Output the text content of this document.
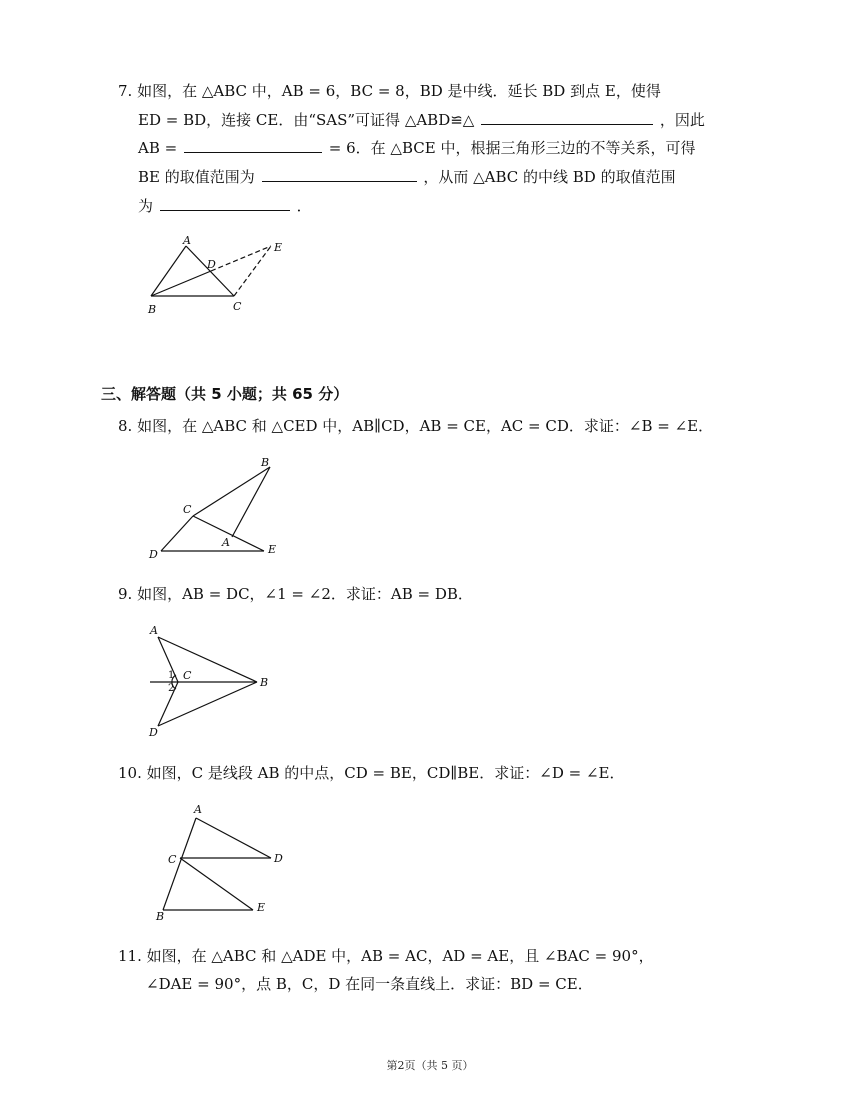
7. 如图，在 △ABC 中，AB = 6，BC = 8，BD 是中线．延长 BD 到点 E，使得
ED = BD，连接 CE．由“SAS”可证得 △ABD≌△	，因此
AB =	= 6．在 △BCE 中，根据三角形三边的不等关系，可得
BE 的取值范围为	，从而 △ABC 的中线 BD 的取值范围
为	．
A
B	C
D
E
三、解答题（共 5 小题；共 65 分）
8. 如图，在 △ABC 和 △CED 中，AB∥CD，AB = CE，AC = CD．求证：∠B = ∠E．
B
C
A
D	E
9. 如图，AB = DC，∠1 = ∠2．求证：AB = DB．
A
C
B
D
1
2
10. 如图，C 是线段 AB 的中点，CD = BE，CD∥BE．求证：∠D = ∠E．
A
C	D
B
E
11. 如图，在 △ABC 和 △ADE 中，AB = AC，AD = AE，且 ∠BAC = 90°，
∠DAE = 90°，点 B，C，D 在同一条直线上．求证：BD = CE．
第2页（共 5 页）
